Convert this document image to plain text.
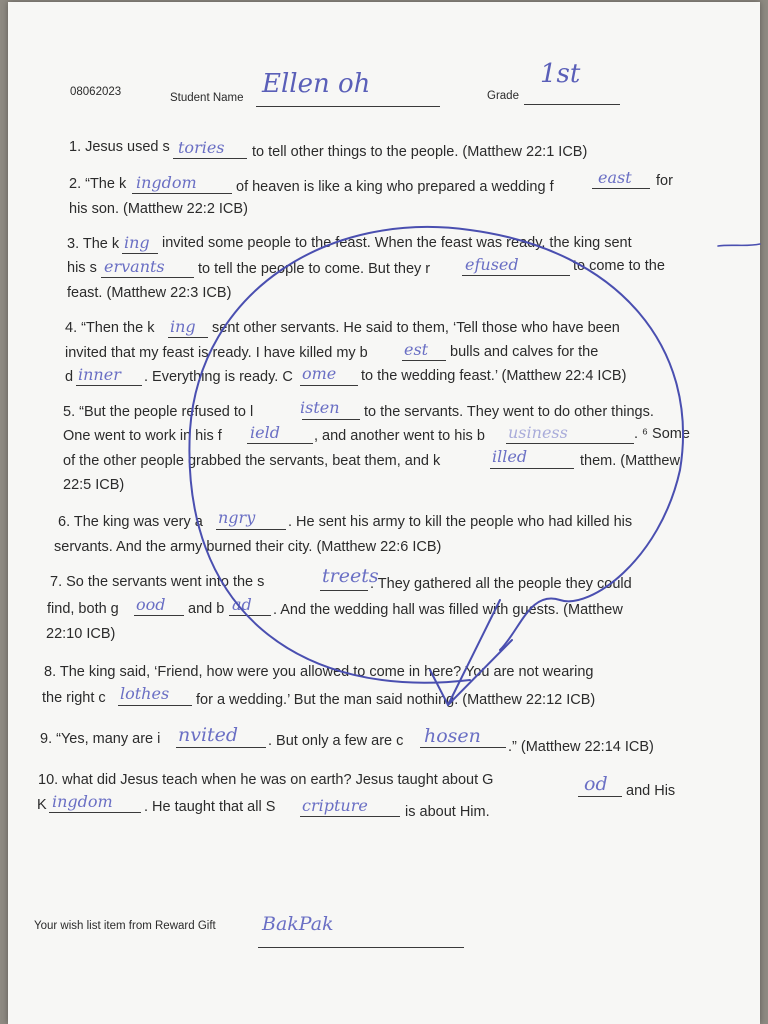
08062023	Student Name Ellen oh	Grade
1st
1. Jesus used s tories to tell other things to the people. (Matthew 22:1 ICB)
2. “The k ingdom	of heaven is like a king who prepared a wedding f	east for
his son. (Matthew 22:2 ICB)
3. The k ing invited some people to the feast. When the feast was ready, the king sent
his s ervants to tell the people to come. But they r efused	to come to the
feast. (Matthew 22:3 ICB)
4. “Then the k ing sent other servants. He said to them, ‘Tell those who have been
invited that my feast is ready. I have killed my b est bulls and calves for the
d inner . Everything is ready. C ome to the wedding feast.’ (Matthew 22:4 ICB)
5. “But the people refused to l	isten to the servants. They went to do other things.
One went to work in his f ield , and another went to his b usiness	. ⁶ Some
of the other people grabbed the servants, beat them, and k	illed	them. (Matthew
22:5 ICB)
6. The king was very a ngry . He sent his army to kill the people who had killed his
servants. And the army burned their city. (Matthew 22:6 ICB)
7. So the servants went into the s	treets
. They gathered all the people they could
find, both g ood and b ad . And the wedding hall was filled with guests. (Matthew
22:10 ICB)
8. The king said, ‘Friend, how were you allowed to come in here? You are not wearing
the right c lothes for a wedding.’ But the man said nothing. (Matthew 22:12 ICB)
9. “Yes, many are i nvited . But only a few are c hosen .” (Matthew 22:14 ICB)
10. what did Jesus teach when he was on earth? Jesus taught about G	od and His
K ingdom . He taught that all S cripture	is about Him.
Your wish list item from Reward Gift BakPak
